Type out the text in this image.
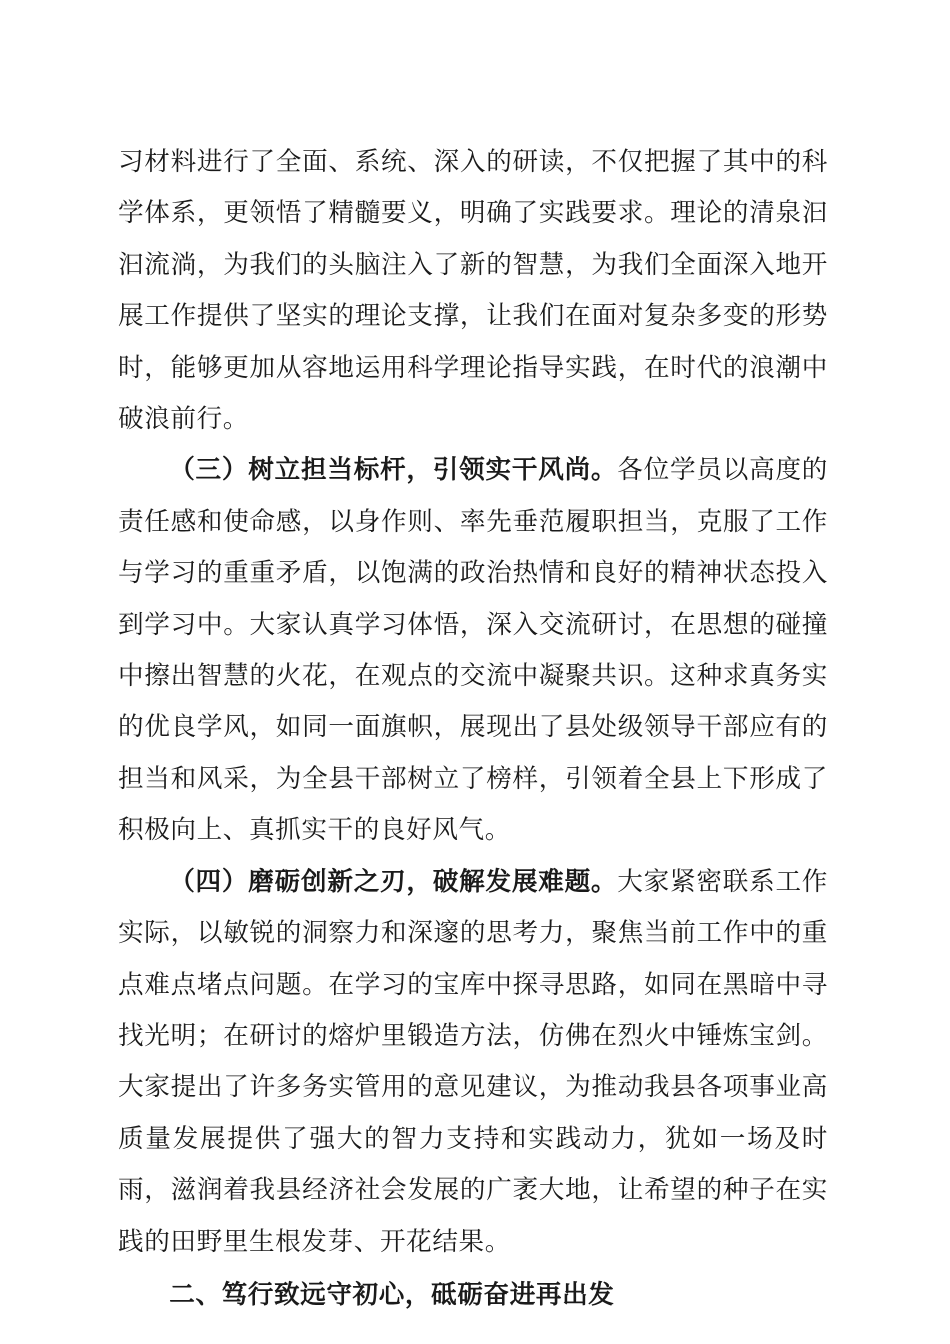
习材料进行了全面、系统、深入的研读，不仅把握了其中的科学体系，更领悟了精髓要义，明确了实践要求。理论的清泉汩汩流淌，为我们的头脑注入了新的智慧，为我们全面深入地开展工作提供了坚实的理论支撑，让我们在面对复杂多变的形势时，能够更加从容地运用科学理论指导实践，在时代的浪潮中破浪前行。

（三）树立担当标杆，引领实干风尚。各位学员以高度的责任感和使命感，以身作则、率先垂范履职担当，克服了工作与学习的重重矛盾，以饱满的政治热情和良好的精神状态投入到学习中。大家认真学习体悟，深入交流研讨，在思想的碰撞中擦出智慧的火花，在观点的交流中凝聚共识。这种求真务实的优良学风，如同一面旗帜，展现出了县处级领导干部应有的担当和风采，为全县干部树立了榜样，引领着全县上下形成了积极向上、真抓实干的良好风气。

（四）磨砺创新之刃，破解发展难题。大家紧密联系工作实际，以敏锐的洞察力和深邃的思考力，聚焦当前工作中的重点难点堵点问题。在学习的宝库中探寻思路，如同在黑暗中寻找光明；在研讨的熔炉里锻造方法，仿佛在烈火中锤炼宝剑。大家提出了许多务实管用的意见建议，为推动我县各项事业高质量发展提供了强大的智力支持和实践动力，犹如一场及时雨，滋润着我县经济社会发展的广袤大地，让希望的种子在实践的田野里生根发芽、开花结果。

二、笃行致远守初心，砥砺奋进再出发
